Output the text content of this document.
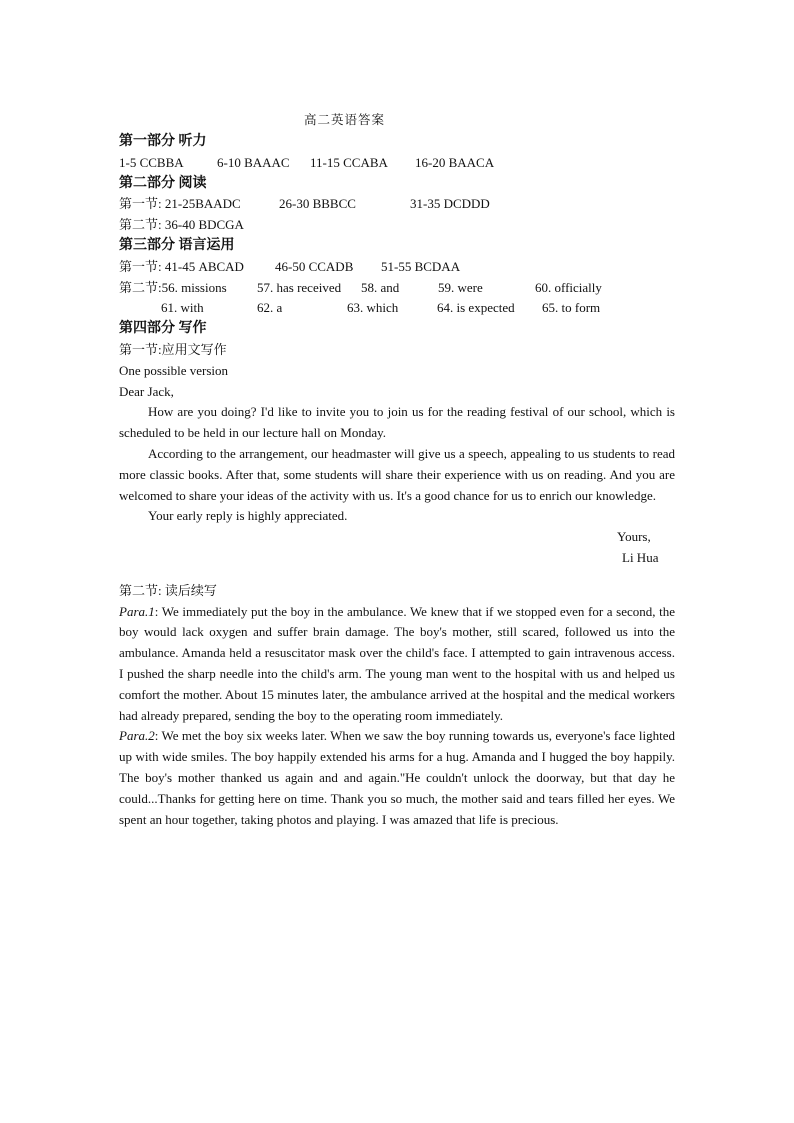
高二英语答案
第一部分 听力
1-5 CCBBA	6-10 BAAAC 11-15 CCABA 16-20 BAACA
第二部分 阅读
第一节: 21-25BAADC	26-30 BBBCC	31-35 DCDDD
第二节: 36-40 BDCGA
第三部分 语言运用
第一节: 41-45 ABCAD 46-50 CCADB 51-55 BCDAA
第二节:56. missions 57. has received 58. and	59. were	60. officially
61. with	62. a	63. which	64. is expected 65. to form
第四部分 写作
第一节:应用文写作
One possible version
Dear Jack,

How are you doing? I'd like to invite you to join us for the reading festival of our school, which is scheduled to be held in our lecture hall on Monday.

According to the arrangement, our headmaster will give us a speech, appealing to us students to read more classic books. After that, some students will share their experience with us on reading. And you are welcomed to share your ideas of the activity with us. It's a good chance for us to enrich our knowledge.

Your early reply is highly appreciated.

Yours,
Li Hua
第二节: 读后续写

Para.1: We immediately put the boy in the ambulance. We knew that if we stopped even for a second, the boy would lack oxygen and suffer brain damage. The boy's mother, still scared, followed us into the ambulance. Amanda held a resuscitator mask over the child's face. I attempted to gain intravenous access. I pushed the sharp needle into the child's arm. The young man went to the hospital with us and helped us comfort the mother. About 15 minutes later, the ambulance arrived at the hospital and the medical workers had already prepared, sending the boy to the operating room immediately.

Para.2: We met the boy six weeks later. When we saw the boy running towards us, everyone's face lighted up with wide smiles. The boy happily extended his arms for a hug. Amanda and I hugged the boy happily. The boy's mother thanked us again and and again."He couldn't unlock the doorway, but that day he could...Thanks for getting here on time. Thank you so much, the mother said and tears filled her eyes. We spent an hour together, taking photos and playing. I was amazed that life is precious.
